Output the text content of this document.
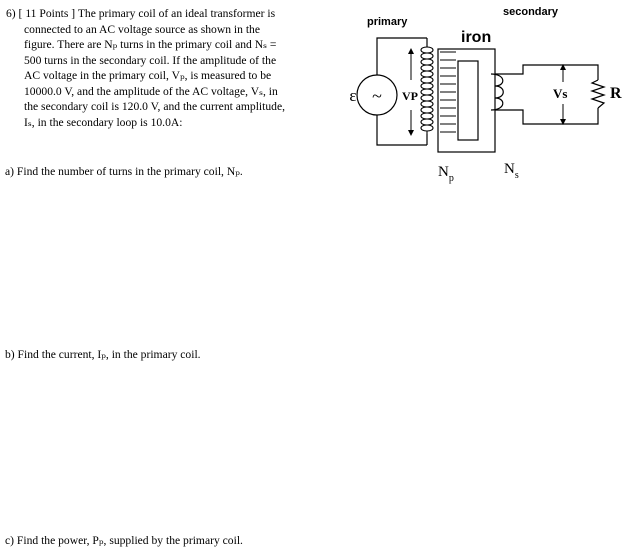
6) [ 11 Points ] The primary coil of an ideal transformer is
connected to an AC voltage source as shown in the
figure. There are Nₚ turns in the primary coil and Nₛ =
500 turns in the secondary coil. If the amplitude of the
AC voltage in the primary coil, Vₚ, is measured to be
10000.0 V, and the amplitude of the AC voltage, Vₛ, in
the secondary coil is 120.0 V, and the current amplitude,
Iₛ, in the secondary loop is 10.0A:
a) Find the number of turns in the primary coil, Nₚ.
b) Find the current, Iₚ, in the primary coil.
c) Find the power, Pₚ, supplied by the primary coil.
primary
secondary
iron
~
ε	VP	R
Vs
$N_p$
$N_s$
